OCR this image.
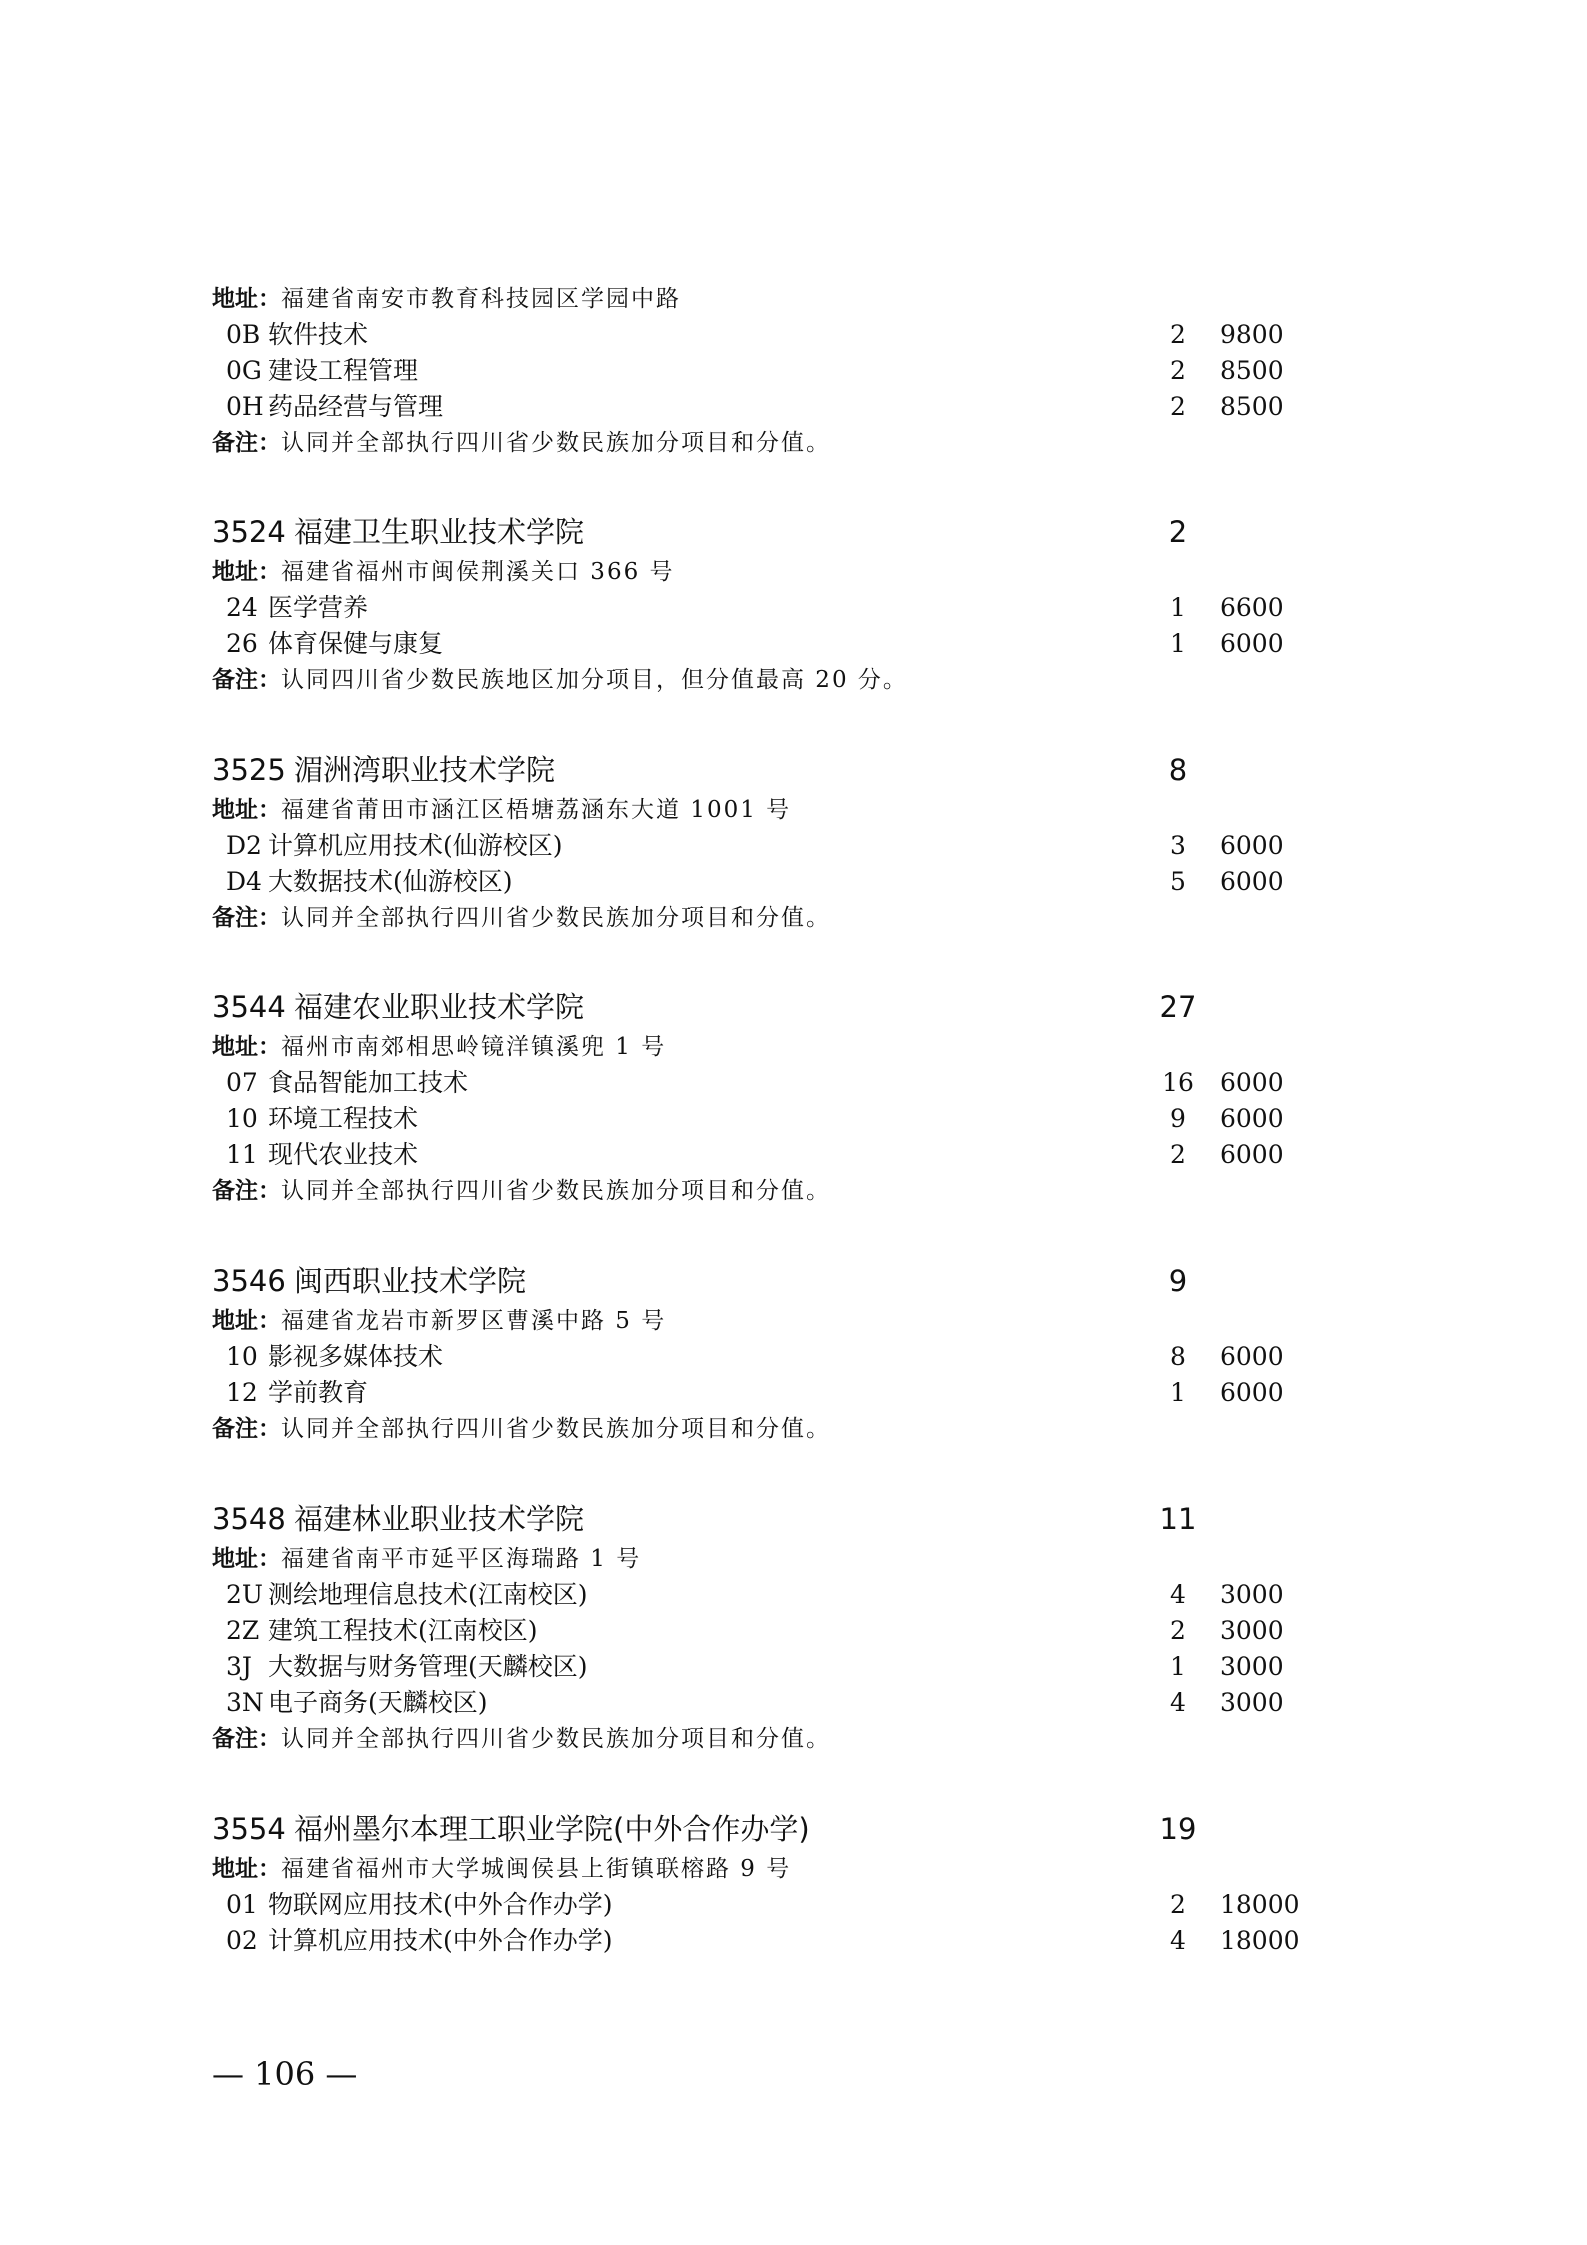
地址：福建省南安市教育科技园区学园中路
0B 软件技术	2	9800
0G 建设工程管理	2	8500
0H 药品经营与管理	2	8500
备注：认同并全部执行四川省少数民族加分项目和分值。
3524 福建卫生职业技术学院	2
地址：福建省福州市闽侯荆溪关口 366 号
24 医学营养	1	6600
26 体育保健与康复	1	6000
备注：认同四川省少数民族地区加分项目，但分值最高 20 分。
3525 湄洲湾职业技术学院	8
地址：福建省莆田市涵江区梧塘荔涵东大道 1001 号
D2 计算机应用技术(仙游校区)	3	6000
D4 大数据技术(仙游校区)	5	6000
备注：认同并全部执行四川省少数民族加分项目和分值。
3544 福建农业职业技术学院	27
地址：福州市南郊相思岭镜洋镇溪兜 1 号
07 食品智能加工技术	16 6000
10 环境工程技术	9	6000
11 现代农业技术	2	6000
备注：认同并全部执行四川省少数民族加分项目和分值。
3546 闽西职业技术学院	9
地址：福建省龙岩市新罗区曹溪中路 5 号
10 影视多媒体技术	8	6000
12 学前教育	1	6000
备注：认同并全部执行四川省少数民族加分项目和分值。
3548 福建林业职业技术学院	11
地址：福建省南平市延平区海瑞路 1 号
2U 测绘地理信息技术(江南校区)	4	3000
2Z 建筑工程技术(江南校区)	2	3000
3J 大数据与财务管理(天麟校区)	1	3000
3N 电子商务(天麟校区)	4	3000
备注：认同并全部执行四川省少数民族加分项目和分值。
3554 福州墨尔本理工职业学院(中外合作办学)	19
地址：福建省福州市大学城闽侯县上街镇联榕路 9 号
01 物联网应用技术(中外合作办学)	2	18000
02 计算机应用技术(中外合作办学)	4	18000
— 106 —
